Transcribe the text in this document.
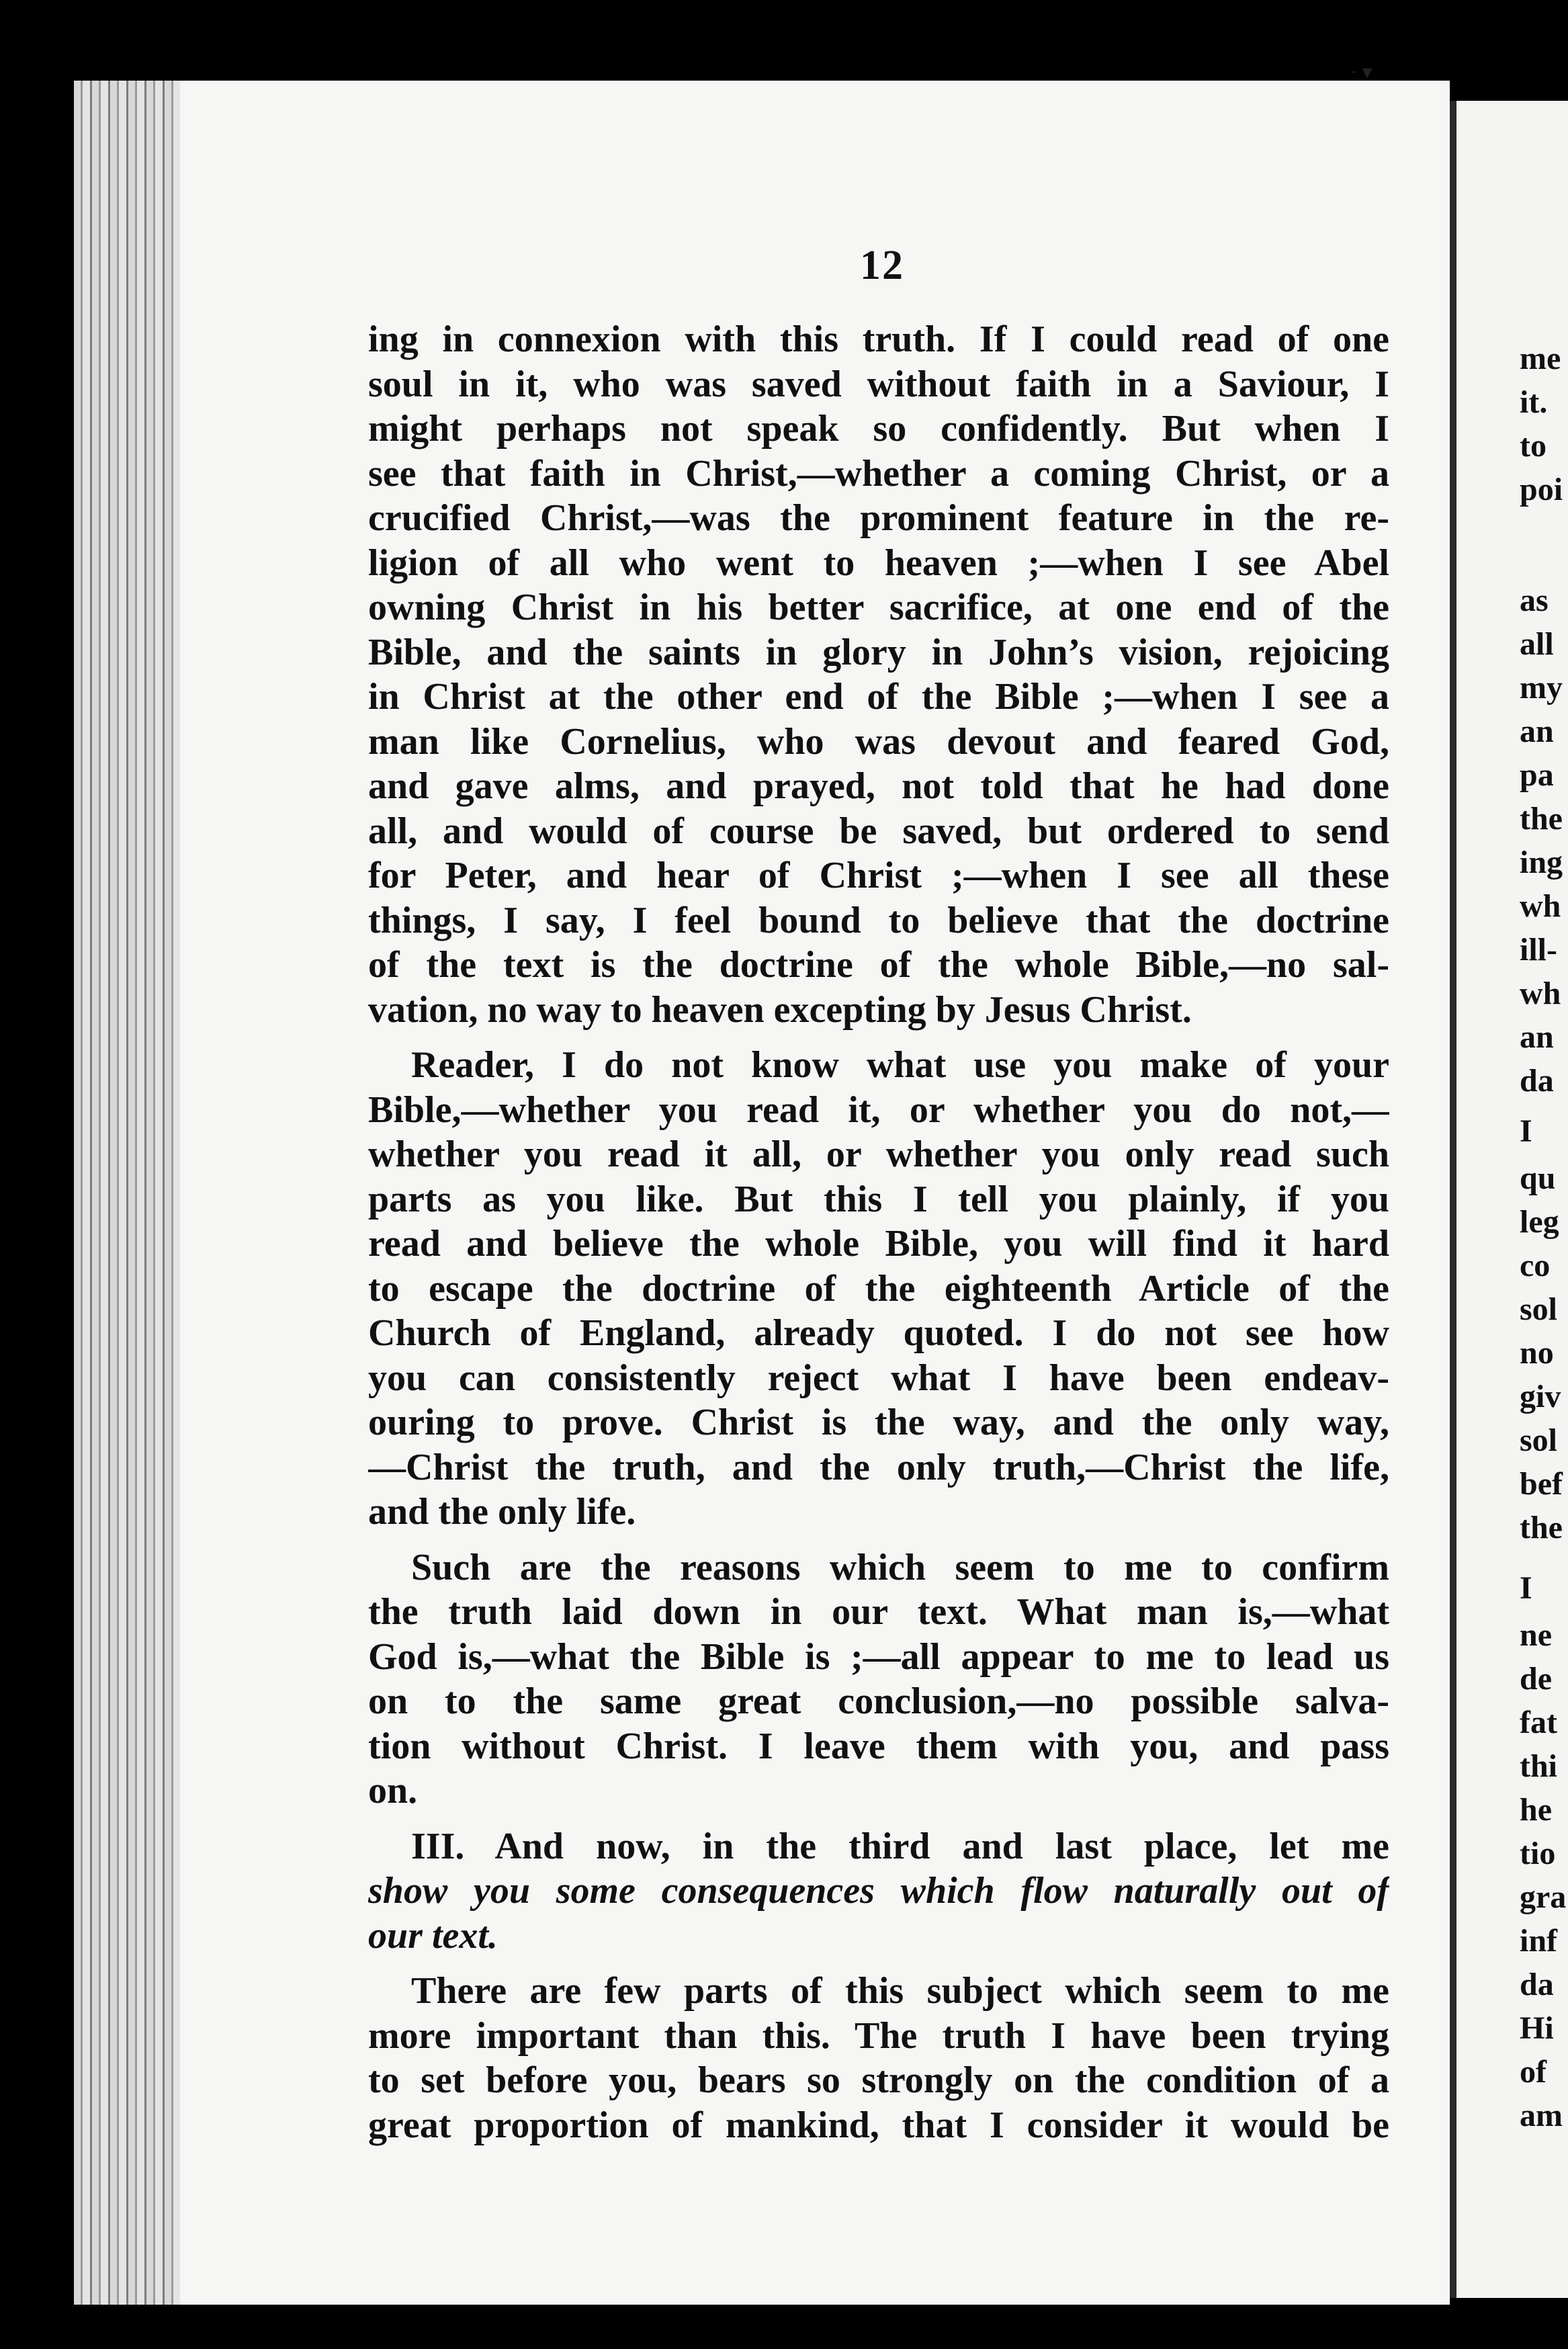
· ▾
12
ing in connexion with this truth. If I could read of one
soul in it, who was saved without faith in a Saviour, I
might perhaps not speak so confidently. But when I
see that faith in Christ,—whether a coming Christ, or a
crucified Christ,—was the prominent feature in the re-
ligion of all who went to heaven ;—when I see Abel
owning Christ in his better sacrifice, at one end of the
Bible, and the saints in glory in John’s vision, rejoicing
in Christ at the other end of the Bible ;—when I see a
man like Cornelius, who was devout and feared God,
and gave alms, and prayed, not told that he had done
all, and would of course be saved, but ordered to send
for Peter, and hear of Christ ;—when I see all these
things, I say, I feel bound to believe that the doctrine
of the text is the doctrine of the whole Bible,—no sal-
vation, no way to heaven excepting by Jesus Christ.
Reader, I do not know what use you make of your
Bible,—whether you read it, or whether you do not,—
whether you read it all, or whether you only read such
parts as you like. But this I tell you plainly, if you
read and believe the whole Bible, you will find it hard
to escape the doctrine of the eighteenth Article of the
Church of England, already quoted. I do not see how
you can consistently reject what I have been endeav-
ouring to prove. Christ is the way, and the only way,
—Christ the truth, and the only truth,—Christ the life,
and the only life.
Such are the reasons which seem to me to confirm
the truth laid down in our text. What man is,—what
God is,—what the Bible is ;—all appear to me to lead us
on to the same great conclusion,—no possible salva-
tion without Christ. I leave them with you, and pass
on.
III. And now, in the third and last place, let me
show you some consequences which flow naturally out of
our text.
There are few parts of this subject which seem to me
more important than this. The truth I have been trying
to set before you, bears so strongly on the condition of a
great proportion of mankind, that I consider it would be
me
it.
to
poi
as
all
my
an
pa
the
ing
wh
ill-
wh
an
da
I
qu
leg
co
sol
no
giv
sol
bef
the
I
ne
de
fat
thi
he
tio
gra
inf
da
Hi
of
am
